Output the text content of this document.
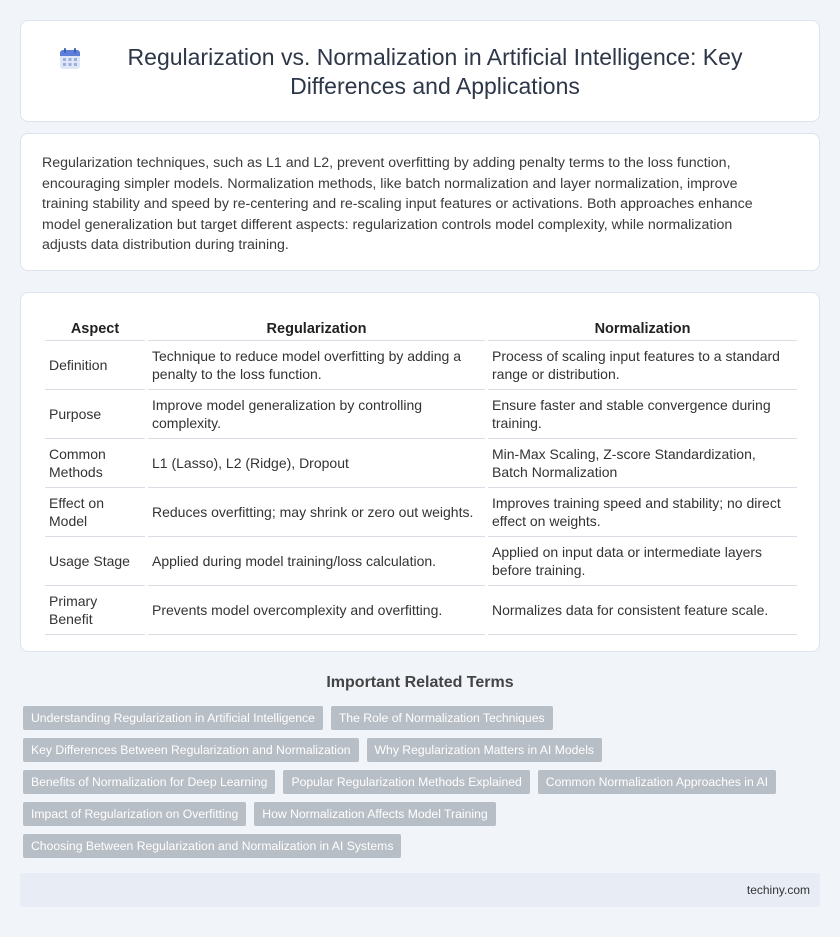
Regularization vs. Normalization in Artificial Intelligence: Key Differences and Applications

Regularization techniques, such as L1 and L2, prevent overfitting by adding penalty terms to the loss function, encouraging simpler models. Normalization methods, like batch normalization and layer normalization, improve training stability and speed by re-centering and re-scaling input features or activations. Both approaches enhance model generalization but target different aspects: regularization controls model complexity, while normalization adjusts data distribution during training.

Aspect	Regularization	Normalization
Definition	Technique to reduce model overfitting by adding a penalty to the loss function.	Process of scaling input features to a standard range or distribution.
Purpose	Improve model generalization by controlling complexity.	Ensure faster and stable convergence during training.
Common Methods	L1 (Lasso), L2 (Ridge), Dropout	Min-Max Scaling, Z-score Standardization, Batch Normalization
Effect on Model	Reduces overfitting; may shrink or zero out weights.	Improves training speed and stability; no direct effect on weights.
Usage Stage	Applied during model training/loss calculation.	Applied on input data or intermediate layers before training.
Primary Benefit	Prevents model overcomplexity and overfitting.	Normalizes data for consistent feature scale.
Important Related Terms
Understanding Regularization in Artificial Intelligence	The Role of Normalization Techniques
Key Differences Between Regularization and Normalization	Why Regularization Matters in AI Models
Benefits of Normalization for Deep Learning	Popular Regularization Methods Explained	Common Normalization Approaches in AI
Impact of Regularization on Overfitting	How Normalization Affects Model Training
Choosing Between Regularization and Normalization in AI Systems
techiny.com
